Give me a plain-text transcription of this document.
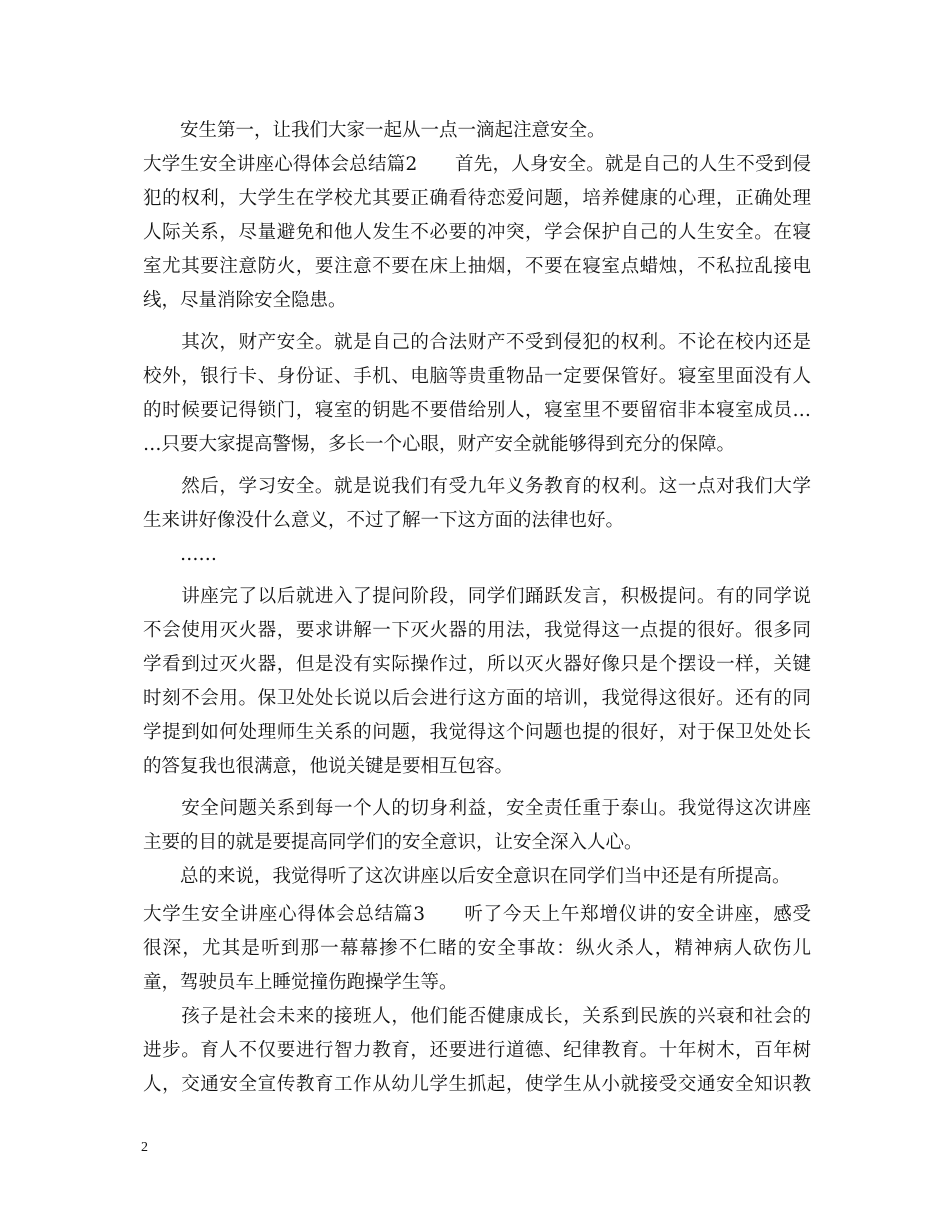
　　安生第一，让我们大家一起从一点一滴起注意安全。
大学生安全讲座心得体会总结篇2　　首先，人身安全。就是自己的人生不受到侵
犯的权利，大学生在学校尤其要正确看待恋爱问题，培养健康的心理，正确处理
人际关系，尽量避免和他人发生不必要的冲突，学会保护自己的人生安全。在寝
室尤其要注意防火，要注意不要在床上抽烟，不要在寝室点蜡烛，不私拉乱接电
线，尽量消除安全隐患。
　　其次，财产安全。就是自己的合法财产不受到侵犯的权利。不论在校内还是
校外，银行卡、身份证、手机、电脑等贵重物品一定要保管好。寝室里面没有人
的时候要记得锁门，寝室的钥匙不要借给别人，寝室里不要留宿非本寝室成员…
…只要大家提高警惕，多长一个心眼，财产安全就能够得到充分的保障。
　　然后，学习安全。就是说我们有受九年义务教育的权利。这一点对我们大学
生来讲好像没什么意义，不过了解一下这方面的法律也好。
　　……
　　讲座完了以后就进入了提问阶段，同学们踊跃发言，积极提问。有的同学说
不会使用灭火器，要求讲解一下灭火器的用法，我觉得这一点提的很好。很多同
学看到过灭火器，但是没有实际操作过，所以灭火器好像只是个摆设一样，关键
时刻不会用。保卫处处长说以后会进行这方面的培训，我觉得这很好。还有的同
学提到如何处理师生关系的问题，我觉得这个问题也提的很好，对于保卫处处长
的答复我也很满意，他说关键是要相互包容。
　　安全问题关系到每一个人的切身利益，安全责任重于泰山。我觉得这次讲座
主要的目的就是要提高同学们的安全意识，让安全深入人心。
　　总的来说，我觉得听了这次讲座以后安全意识在同学们当中还是有所提高。
大学生安全讲座心得体会总结篇3　　听了今天上午郑增仪讲的安全讲座，感受
很深，尤其是听到那一幕幕掺不仁睹的安全事故：纵火杀人，精神病人砍伤儿
童，驾驶员车上睡觉撞伤跑操学生等。
　　孩子是社会未来的接班人，他们能否健康成长，关系到民族的兴衰和社会的
进步。育人不仅要进行智力教育，还要进行道德、纪律教育。十年树木，百年树
人，交通安全宣传教育工作从幼儿学生抓起，使学生从小就接受交通安全知识教
2
